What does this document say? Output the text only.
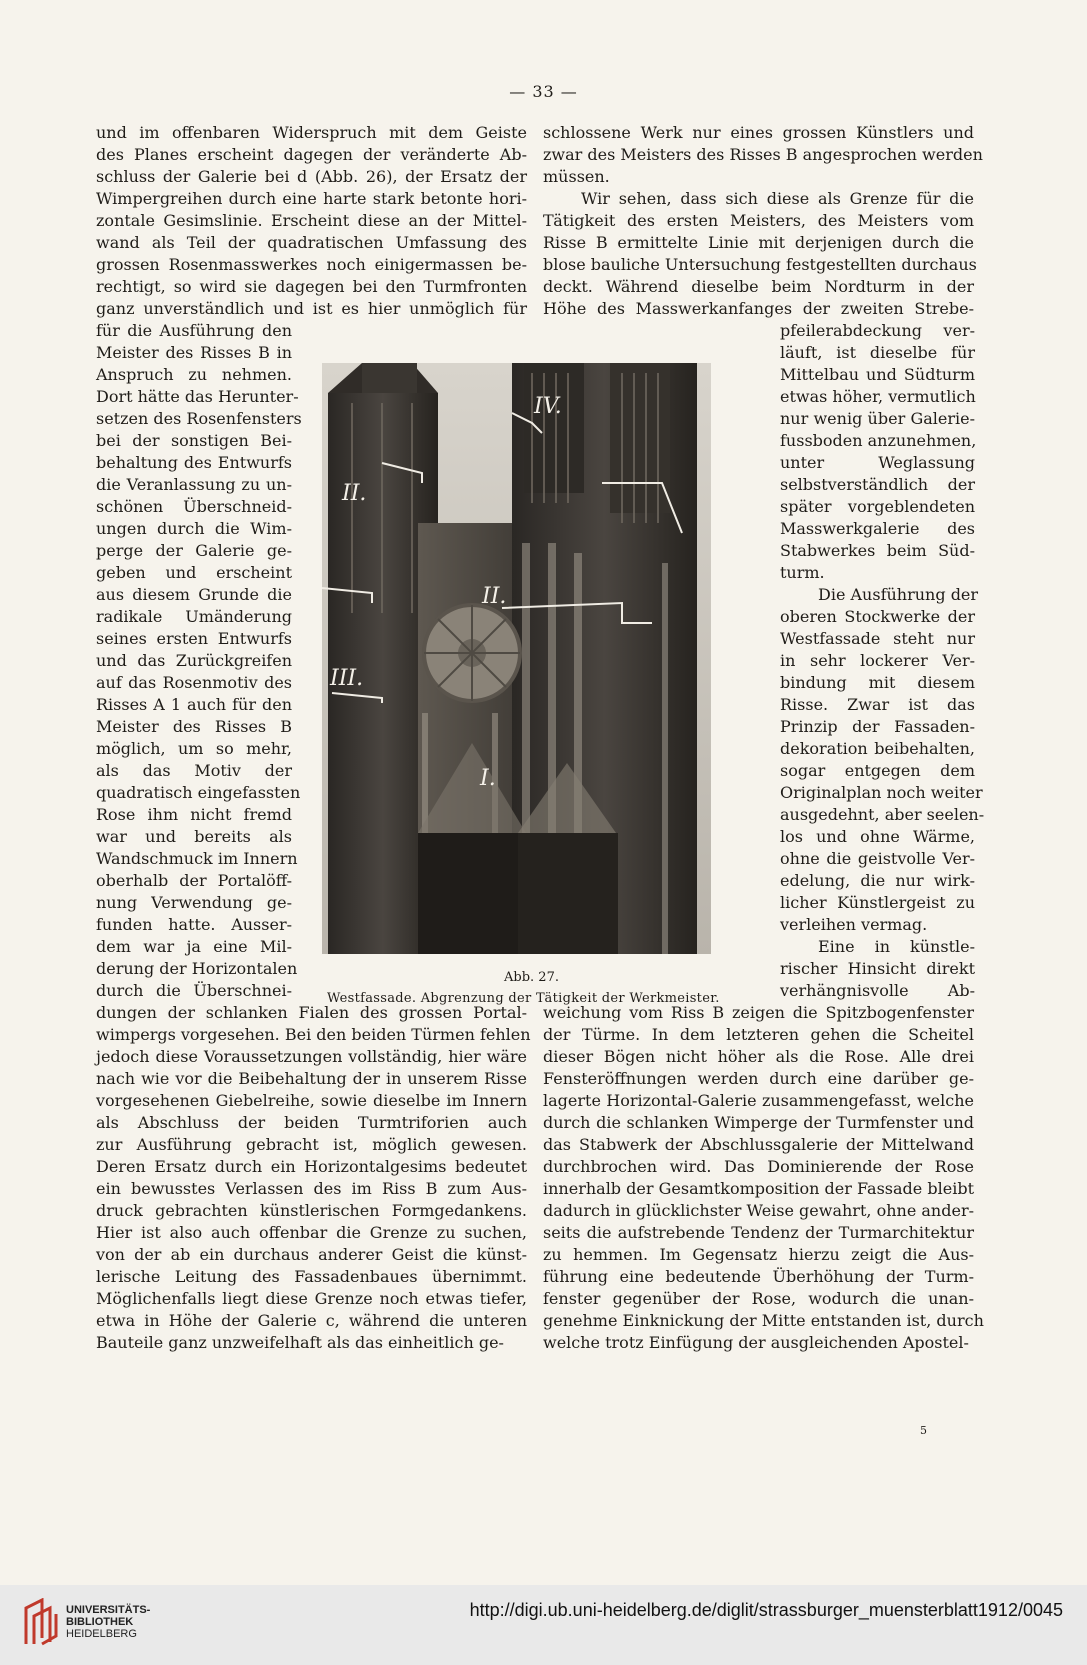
— 33 —
und im offenbaren Widerspruch mit dem Geiste
des Planes erscheint dagegen der veränderte Ab-
schluss der Galerie bei d (Abb. 26), der Ersatz der
Wimpergreihen durch eine harte stark betonte hori-
zontale Gesimslinie. Erscheint diese an der Mittel-
wand als Teil der quadratischen Umfassung des
grossen Rosenmasswerkes noch einigermassen be-
rechtigt, so wird sie dagegen bei den Turmfronten
ganz unverständlich und ist es hier unmöglich für
für die Ausführung den
Meister des Risses B in
Anspruch zu nehmen.
Dort hätte das Herunter-
setzen des Rosenfensters
bei der sonstigen Bei-
behaltung des Entwurfs
die Veranlassung zu un-
schönen Überschneid-
ungen durch die Wim-
perge der Galerie ge-
geben und erscheint
aus diesem Grunde die
radikale Umänderung
seines ersten Entwurfs
und das Zurückgreifen
auf das Rosenmotiv des
Risses A 1 auch für den
Meister des Risses B
möglich, um so mehr,
als das Motiv der
quadratisch eingefassten
Rose ihm nicht fremd
war und bereits als
Wandschmuck im Innern
oberhalb der Portalöff-
nung Verwendung ge-
funden hatte. Ausser-
dem war ja eine Mil-
derung der Horizontalen
durch die Überschnei-
dungen der schlanken Fialen des grossen Portal-
wimpergs vorgesehen. Bei den beiden Türmen fehlen
jedoch diese Voraussetzungen vollständig, hier wäre
nach wie vor die Beibehaltung der in unserem Risse
vorgesehenen Giebelreihe, sowie dieselbe im Innern
als Abschluss der beiden Turmtriforien auch
zur Ausführung gebracht ist, möglich gewesen.
Deren Ersatz durch ein Horizontalgesims bedeutet
ein bewusstes Verlassen des im Riss B zum Aus-
druck gebrachten künstlerischen Formgedankens.
Hier ist also auch offenbar die Grenze zu suchen,
von der ab ein durchaus anderer Geist die künst-
lerische Leitung des Fassadenbaues übernimmt.
Möglichenfalls liegt diese Grenze noch etwas tiefer,
etwa in Höhe der Galerie c, während die unteren
Bauteile ganz unzweifelhaft als das einheitlich ge-
schlossene Werk nur eines grossen Künstlers und
zwar des Meisters des Risses B angesprochen werden
müssen.
Wir sehen, dass sich diese als Grenze für die
Tätigkeit des ersten Meisters, des Meisters vom
Risse B ermittelte Linie mit derjenigen durch die
blose bauliche Untersuchung festgestellten durchaus
deckt. Während dieselbe beim Nordturm in der
Höhe des Masswerkanfanges der zweiten Strebe-
pfeilerabdeckung ver-
läuft, ist dieselbe für
Mittelbau und Südturm
etwas höher, vermutlich
nur wenig über Galerie-
fussboden anzunehmen,
unter Weglassung
selbstverständlich der
später vorgeblendeten
Masswerkgalerie des
Stabwerkes beim Süd-
turm.
Die Ausführung der
oberen Stockwerke der
Westfassade steht nur
in sehr lockerer Ver-
bindung mit diesem
Risse. Zwar ist das
Prinzip der Fassaden-
dekoration beibehalten,
sogar entgegen dem
Originalplan noch weiter
ausgedehnt, aber seelen-
los und ohne Wärme,
ohne die geistvolle Ver-
edelung, die nur wirk-
licher Künstlergeist zu
verleihen vermag.
Eine in künstle-
rischer Hinsicht direkt
verhängnisvolle Ab-
weichung vom Riss B zeigen die Spitzbogenfenster
der Türme. In dem letzteren gehen die Scheitel
dieser Bögen nicht höher als die Rose. Alle drei
Fensteröffnungen werden durch eine darüber ge-
lagerte Horizontal-Galerie zusammengefasst, welche
durch die schlanken Wimperge der Turmfenster und
das Stabwerk der Abschlussgalerie der Mittelwand
durchbrochen wird. Das Dominierende der Rose
innerhalb der Gesamtkomposition der Fassade bleibt
dadurch in glücklichster Weise gewahrt, ohne ander-
seits die aufstrebende Tendenz der Turmarchitektur
zu hemmen. Im Gegensatz hierzu zeigt die Aus-
führung eine bedeutende Überhöhung der Turm-
fenster gegenüber der Rose, wodurch die unan-
genehme Einknickung der Mitte entstanden ist, durch
welche trotz Einfügung der ausgleichenden Apostel-
IV.
II.
II.
III.
I.
Abb. 27.
Westfassade. Abgrenzung der Tätigkeit der Werkmeister.
5
UNIVERSITÄTS-
BIBLIOTHEK
HEIDELBERG
http://digi.ub.uni-heidelberg.de/diglit/strassburger_muensterblatt1912/0045
